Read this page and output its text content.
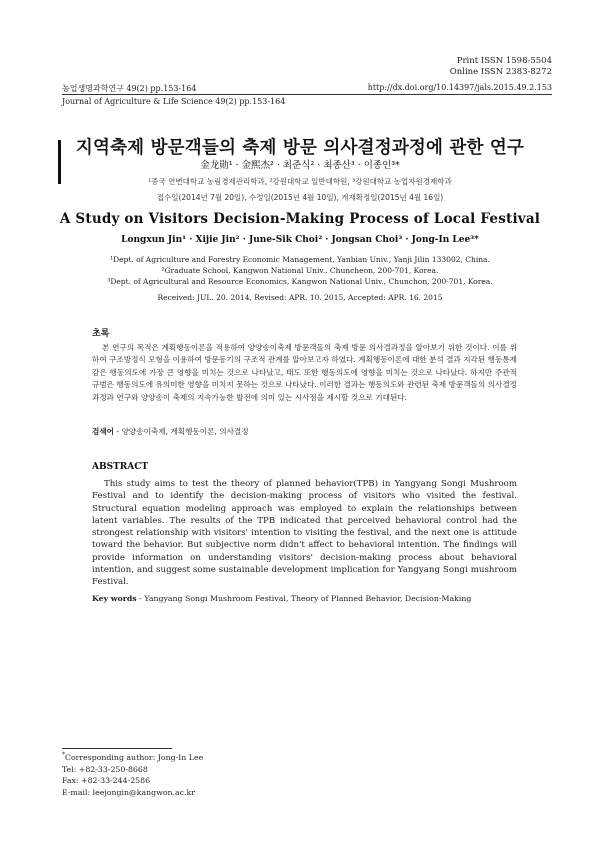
Print ISSN 1598-5504
Online ISSN 2383-8272
농업생명과학연구 49(2) pp.153-164	http://dx.doi.org/10.14397/jals.2015.49.2.153
Journal of Agriculture & Life Science 49(2) pp.153-164
지역축제 방문객들의 축제 방문 의사결정과정에 관한 연구
金龙勋¹ · 金熙杰² · 최준식² · 최종산³ · 이종인³*
¹중국 연변대학교 농림경제관리학과, ²강원대학교 일반대학원, ³강원대학교 농업자원경제학과
접수일(2014년 7월 20일), 수정일(2015년 4월 10일), 게재확정일(2015년 4월 16일)
A Study on Visitors Decision-Making Process of Local Festival
Longxun Jin¹ · Xijie Jin² · June-Sik Choi² · Jongsan Choi³ · Jong-In Lee³*
¹Dept. of Agriculture and Forestry Economic Management, Yanbian Univ., Yanji Jilin 133002, China.
²Graduate School, Kangwon National Univ., Chuncheon, 200-701, Korea.
³Dept. of Agricultural and Resource Economics, Kangwon National Univ., Chunchon, 200-701, Korea.
Received: JUL. 20. 2014, Revised: APR. 10. 2015, Accepted: APR. 16. 2015
초록
본 연구의 목적은 계획행동이론을 적용하여 양양송이축제 방문객들의 축제 방문 의사결과정을 알아보기 위한 것이다. 이를 위하여 구조방정식 모형을 이용하여 방문동기의 구조적 관계를 알아보고자 하였다. 계획행동이론에 대한 분석 결과 지각된 행동통제감은 행동의도에 가장 큰 영향을 미치는 것으로 나타났고, 태도 또한 행동의도에 영향을 미치는 것으로 나타났다. 하지만 주관적 규범은 행동의도에 유의미한 영향을 미치지 못하는 것으로 나타났다. 이러한 결과는 행동의도와 관련된 축제 방문객들의 의사결정 과정과 연구와 양양송이 축제의 지속가능한 발전에 의미 있는 시사점을 제시할 것으로 기대된다.
검색어 - 양양송이축제, 계획행동이론, 의사결정
ABSTRACT
This study aims to test the theory of planned behavior(TPB) in Yangyang Songi Mushroom Festival and to identify the decision-making process of visitors who visited the festival. Structural equation modeling approach was employed to explain the relationships between latent variables. The results of the TPB indicated that perceived behavioral control had the strongest relationship with visitors' intention to visiting the festival, and the next one is attitude toward the behavior. But subjective norm didn't affect to behavioral intention. The findings will provide information on understanding visitors' decision-making process about behavioral intention, and suggest some sustainable development implication for Yangyang Songi mushroom Festival.
Key words - Yangyang Songi Mushroom Festival, Theory of Planned Behavior, Decision-Making
*Corresponding author: Jong-In Lee
Tel: +82-33-250-8668
Fax: +82-33-244-2586
E-mail: leejongin@kangwon.ac.kr
